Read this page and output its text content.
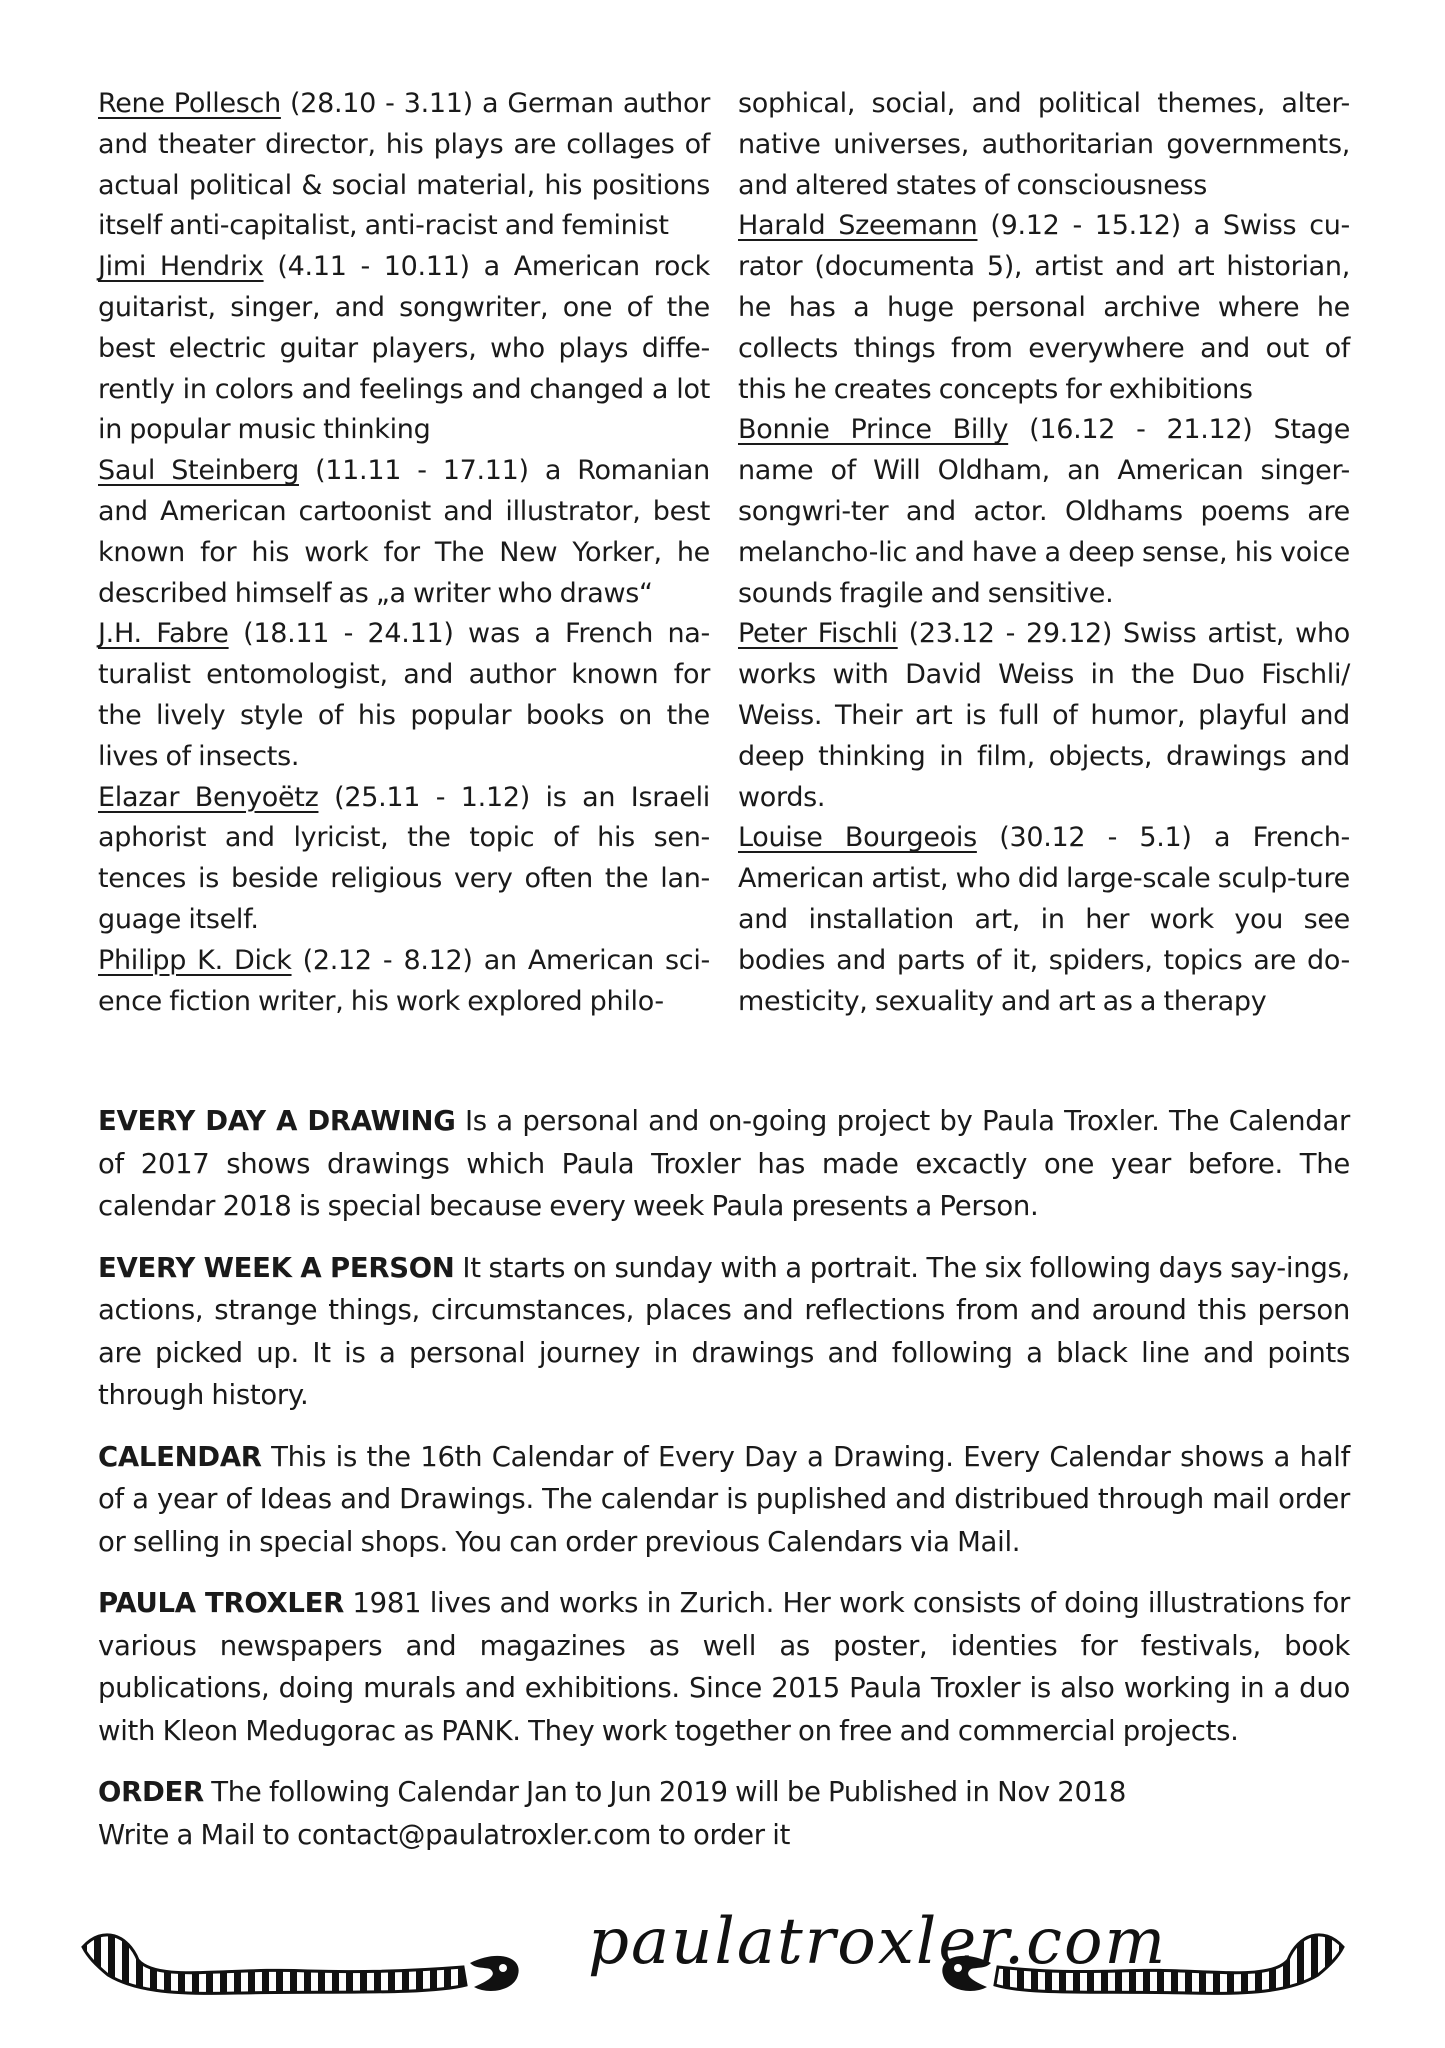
Rene Pollesch (28.10 - 3.11) a German author and theater director, his plays are collages of actual political & social material, his positions itself anti-capitalist, anti-racist and feminist

Jimi Hendrix (4.11 - 10.11) a American rock guitarist, singer, and songwriter, one of the best electric guitar players, who plays diffe-rently in colors and feelings and changed a lot in popular music thinking

Saul Steinberg (11.11 - 17.11) a Romanian and American cartoonist and illustrator, best known for his work for The New Yorker, he described himself as „a writer who draws“

J.H. Fabre (18.11 - 24.11) was a French na-turalist entomologist, and author known for the lively style of his popular books on the lives of insects.

Elazar Benyoëtz (25.11 - 1.12) is an Israeli aphorist and lyricist, the topic of his sen-tences is beside religious very often the lan-guage itself.

Philipp K. Dick (2.12 - 8.12) an American sci-ence fiction writer, his work explored philo-

sophical, social, and political themes, alter-native universes, authoritarian governments, and altered states of consciousness

Harald Szeemann (9.12 - 15.12) a Swiss cu-rator (documenta 5), artist and art historian, he has a huge personal archive where he collects things from everywhere and out of this he creates concepts for exhibitions

Bonnie Prince Billy (16.12 - 21.12) Stage name of Will Oldham, an American singer-songwri-ter and actor. Oldhams poems are melancho-lic and have a deep sense, his voice sounds fragile and sensitive.

Peter Fischli (23.12 - 29.12) Swiss artist, who works with David Weiss in the Duo Fischli/ Weiss. Their art is full of humor, playful and deep thinking in film, objects, drawings and words.

Louise Bourgeois (30.12 - 5.1) a French-American artist, who did large-scale sculp-ture and installation art, in her work you see bodies and parts of it, spiders, topics are do-mesticity, sexuality and art as a therapy

EVERY DAY A DRAWING Is a personal and on-going project by Paula Troxler. The Calendar of 2017 shows drawings which Paula Troxler has made excactly one year before. The calendar 2018 is special because every week Paula presents a Person.

EVERY WEEK A PERSON It starts on sunday with a portrait. The six following days say-ings, actions, strange things, circumstances, places and reflections from and around this person are picked up. It is a personal journey in drawings and following a black line and points through history.

CALENDAR This is the 16th Calendar of Every Day a Drawing. Every Calendar shows a half of a year of Ideas and Drawings. The calendar is puplished and distribued through mail order or selling in special shops. You can order previous Calendars via Mail.

PAULA TROXLER 1981 lives and works in Zurich. Her work consists of doing illustrations for various newspapers and magazines as well as poster, identies for festivals, book publications, doing murals and exhibitions. Since 2015 Paula Troxler is also working in a duo with Kleon Medugorac as PANK. They work together on free and commercial projects.

ORDER The following Calendar Jan to Jun 2019 will be Published in Nov 2018
Write a Mail to contact@paulatroxler.com to order it

paulatroxler.com
